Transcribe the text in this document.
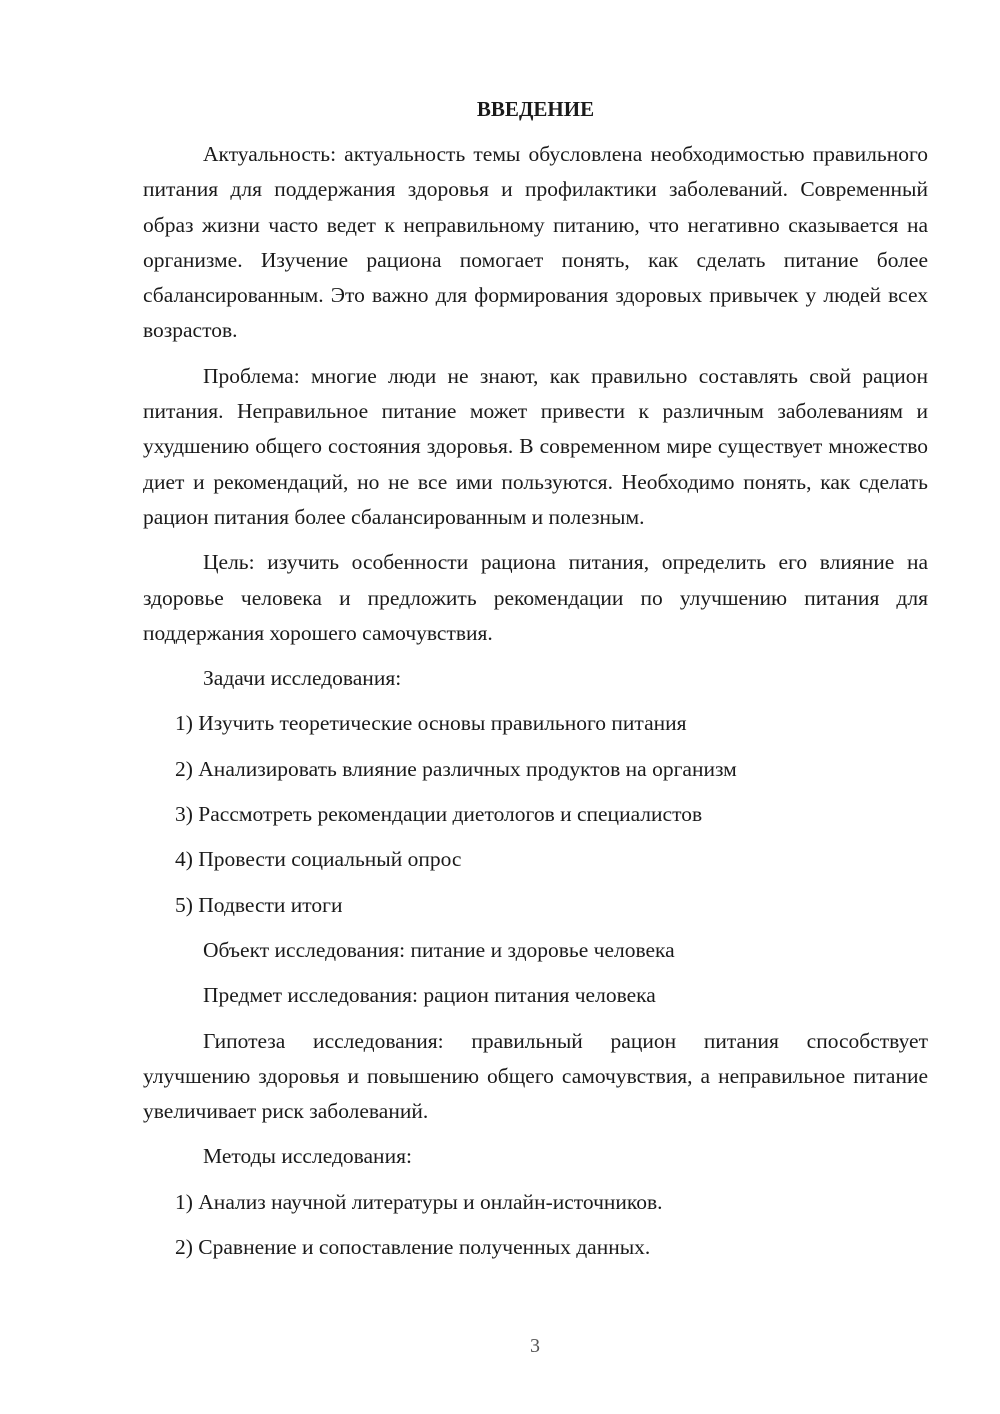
ВВЕДЕНИЕ

Актуальность: актуальность темы обусловлена необходимостью правильного питания для поддержания здоровья и профилактики заболеваний. Современный образ жизни часто ведет к неправильному питанию, что негативно сказывается на организме. Изучение рациона помогает понять, как сделать питание более сбалансированным. Это важно для формирования здоровых привычек у людей всех возрастов.

Проблема: многие люди не знают, как правильно составлять свой рацион питания. Неправильное питание может привести к различным заболеваниям и ухудшению общего состояния здоровья. В современном мире существует множество диет и рекомендаций, но не все ими пользуются. Необходимо понять, как сделать рацион питания более сбалансированным и полезным.

Цель: изучить особенности рациона питания, определить его влияние на здоровье человека и предложить рекомендации по улучшению питания для поддержания хорошего самочувствия.

Задачи исследования:

1) Изучить теоретические основы правильного питания

2) Анализировать влияние различных продуктов на организм

3) Рассмотреть рекомендации диетологов и специалистов

4) Провести социальный опрос

5) Подвести итоги

Объект исследования: питание и здоровье человека

Предмет исследования: рацион питания человека

Гипотеза исследования: правильный рацион питания способствует улучшению здоровья и повышению общего самочувствия, а неправильное питание увеличивает риск заболеваний.

Методы исследования:

1) Анализ научной литературы и онлайн-источников.

2) Сравнение и сопоставление полученных данных.

3
